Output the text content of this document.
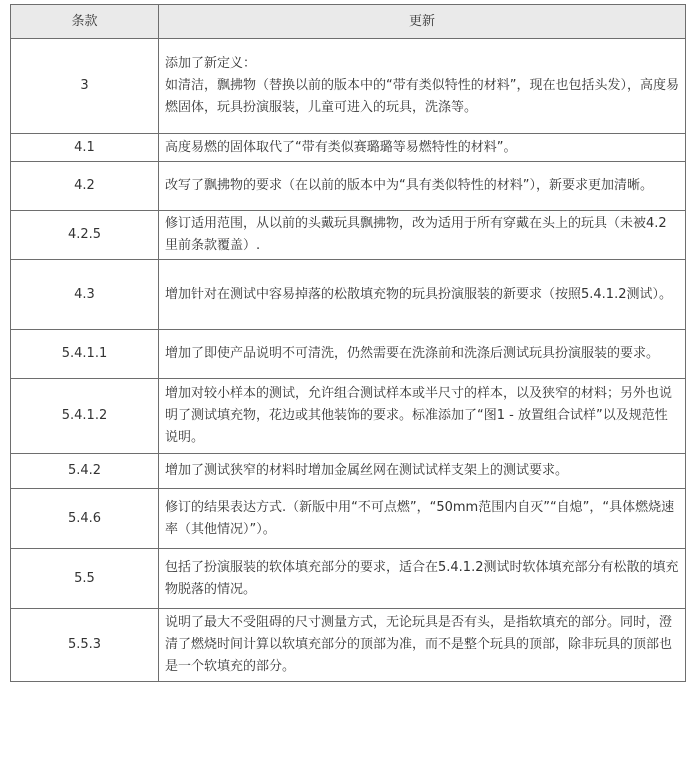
条款	更新
3	添加了新定义：
如清洁，飘拂物（替换以前的版本中的“带有类似特性的材料”，现在也包括头发），高度易燃固体，玩具扮演服装，儿童可进入的玩具，洗涤等。

4.1	高度易燃的固体取代了“带有类似赛璐璐等易燃特性的材料”。

4.2	改写了飘拂物的要求（在以前的版本中为“具有类似特性的材料”），新要求更加清晰。

4.2.5	修订适用范围，从以前的头戴玩具飘拂物，改为适用于所有穿戴在头上的玩具（未被4.2里前条款覆盖）.

4.3	增加针对在测试中容易掉落的松散填充物的玩具扮演服装的新要求（按照5.4.1.2测试）。

5.4.1.1	增加了即使产品说明不可清洗，仍然需要在洗涤前和洗涤后测试玩具扮演服装的要求。

5.4.1.2	增加对较小样本的测试，允许组合测试样本或半尺寸的样本，以及狭窄的材料；另外也说明了测试填充物，花边或其他装饰的要求。标准添加了“图1 - 放置组合试样”以及规范性说明。

5.4.2	增加了测试狭窄的材料时增加金属丝网在测试试样支架上的测试要求。

5.4.6	修订的结果表达方式.（新版中用“不可点燃”，“50mm范围内自灭”“自熄”，“具体燃烧速率（其他情况）”）。

5.5	包括了扮演服装的软体填充部分的要求，适合在5.4.1.2测试时软体填充部分有松散的填充物脱落的情况。

5.5.3	说明了最大不受阻碍的尺寸测量方式，无论玩具是否有头，是指软填充的部分。同时，澄清了燃烧时间计算以软填充部分的顶部为准，而不是整个玩具的顶部，除非玩具的顶部也是一个软填充的部分。
